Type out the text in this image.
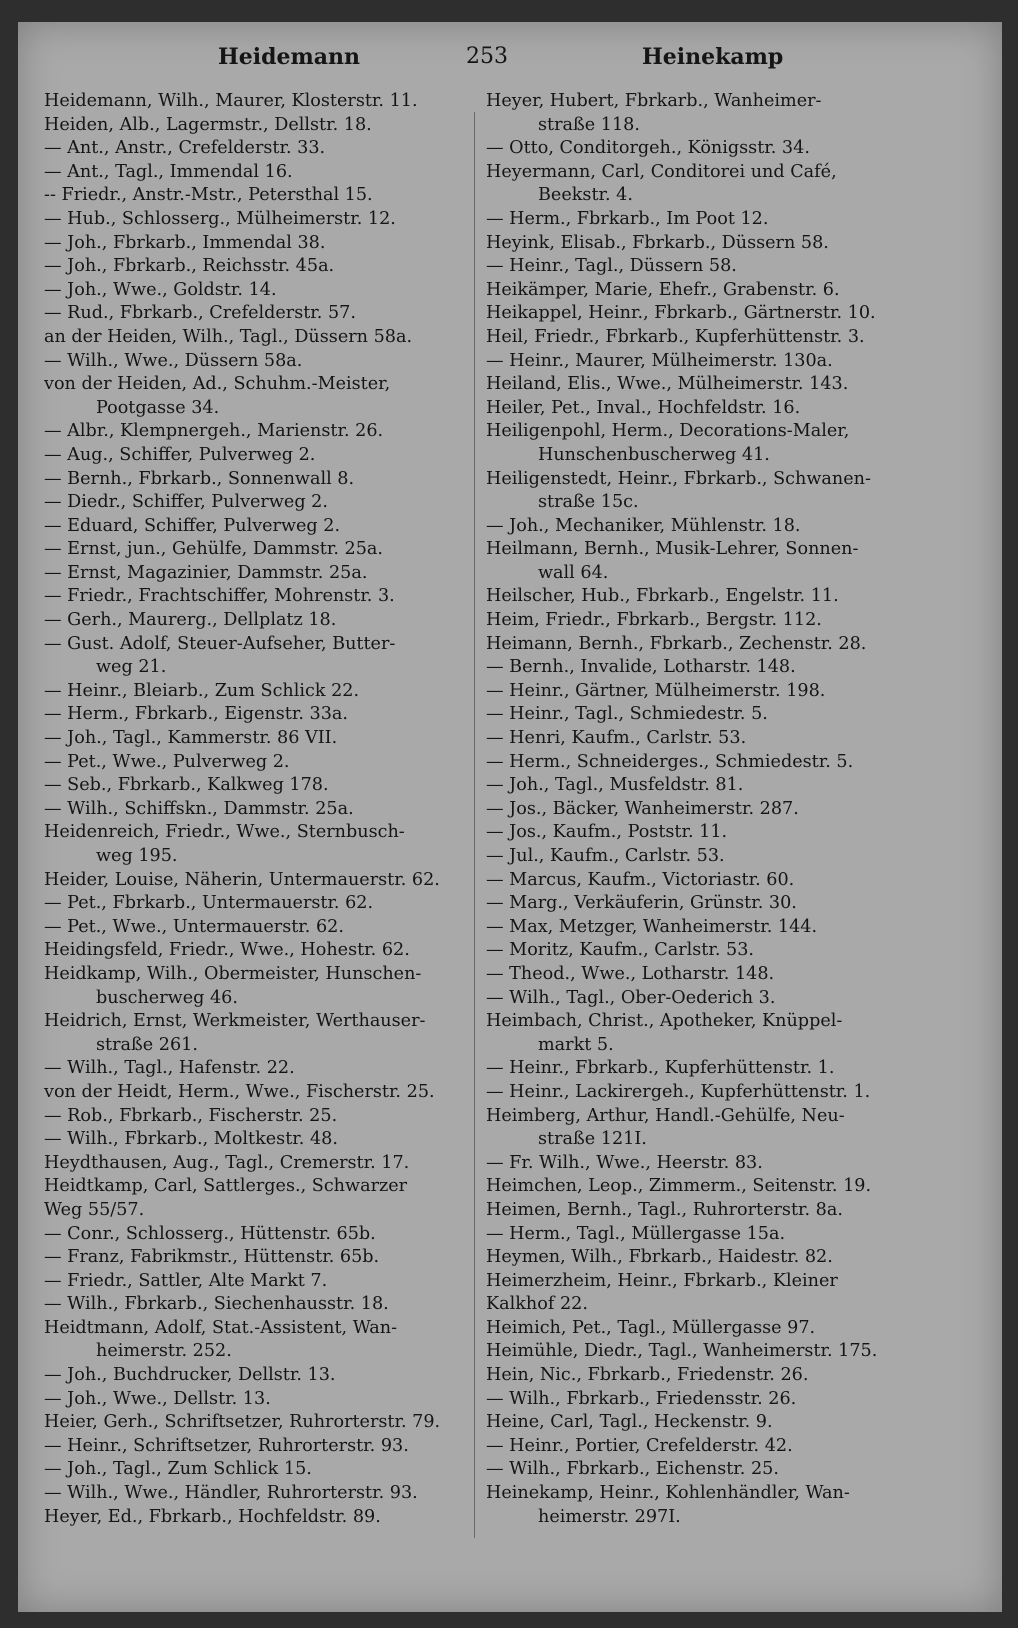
Heidemann	253	Heinekamp
Heidemann, Wilh., Maurer, Klosterstr. 11.
Heiden, Alb., Lagermstr., Dellstr. 18.
— Ant., Anstr., Crefelderstr. 33.
— Ant., Tagl., Immendal 16.
-- Friedr., Anstr.-Mstr., Petersthal 15.
— Hub., Schlosserg., Mülheimerstr. 12.
— Joh., Fbrkarb., Immendal 38.
— Joh., Fbrkarb., Reichsstr. 45a.
— Joh., Wwe., Goldstr. 14.
— Rud., Fbrkarb., Crefelderstr. 57.
an der Heiden, Wilh., Tagl., Düssern 58a.
— Wilh., Wwe., Düssern 58a.
von der Heiden, Ad., Schuhm.-Meister,
Pootgasse 34.
— Albr., Klempnergeh., Marienstr. 26.
— Aug., Schiffer, Pulverweg 2.
— Bernh., Fbrkarb., Sonnenwall 8.
— Diedr., Schiffer, Pulverweg 2.
— Eduard, Schiffer, Pulverweg 2.
— Ernst, jun., Gehülfe, Dammstr. 25a.
— Ernst, Magazinier, Dammstr. 25a.
— Friedr., Frachtschiffer, Mohrenstr. 3.
— Gerh., Maurerg., Dellplatz 18.
— Gust. Adolf, Steuer-Aufseher, Butter-
weg 21.
— Heinr., Bleiarb., Zum Schlick 22.
— Herm., Fbrkarb., Eigenstr. 33a.
— Joh., Tagl., Kammerstr. 86 VII.
— Pet., Wwe., Pulverweg 2.
— Seb., Fbrkarb., Kalkweg 178.
— Wilh., Schiffskn., Dammstr. 25a.
Heidenreich, Friedr., Wwe., Sternbusch-
weg 195.
Heider, Louise, Näherin, Untermauerstr. 62.
— Pet., Fbrkarb., Untermauerstr. 62.
— Pet., Wwe., Untermauerstr. 62.
Heidingsfeld, Friedr., Wwe., Hohestr. 62.
Heidkamp, Wilh., Obermeister, Hunschen-
buscherweg 46.
Heidrich, Ernst, Werkmeister, Werthauser-
straße 261.
— Wilh., Tagl., Hafenstr. 22.
von der Heidt, Herm., Wwe., Fischerstr. 25.
— Rob., Fbrkarb., Fischerstr. 25.
— Wilh., Fbrkarb., Moltkestr. 48.
Heydthausen, Aug., Tagl., Cremerstr. 17.
Heidtkamp, Carl, Sattlerges., Schwarzer
Weg 55/57.
— Conr., Schlosserg., Hüttenstr. 65b.
— Franz, Fabrikmstr., Hüttenstr. 65b.
— Friedr., Sattler, Alte Markt 7.
— Wilh., Fbrkarb., Siechenhausstr. 18.
Heidtmann, Adolf, Stat.-Assistent, Wan-
heimerstr. 252.
— Joh., Buchdrucker, Dellstr. 13.
— Joh., Wwe., Dellstr. 13.
Heier, Gerh., Schriftsetzer, Ruhrorterstr. 79.
— Heinr., Schriftsetzer, Ruhrorterstr. 93.
— Joh., Tagl., Zum Schlick 15.
— Wilh., Wwe., Händler, Ruhrorterstr. 93.
Heyer, Ed., Fbrkarb., Hochfeldstr. 89.
Heyer, Hubert, Fbrkarb., Wanheimer-
straße 118.
— Otto, Conditorgeh., Königsstr. 34.
Heyermann, Carl, Conditorei und Café,
Beekstr. 4.
— Herm., Fbrkarb., Im Poot 12.
Heyink, Elisab., Fbrkarb., Düssern 58.
— Heinr., Tagl., Düssern 58.
Heikämper, Marie, Ehefr., Grabenstr. 6.
Heikappel, Heinr., Fbrkarb., Gärtnerstr. 10.
Heil, Friedr., Fbrkarb., Kupferhüttenstr. 3.
— Heinr., Maurer, Mülheimerstr. 130a.
Heiland, Elis., Wwe., Mülheimerstr. 143.
Heiler, Pet., Inval., Hochfeldstr. 16.
Heiligenpohl, Herm., Decorations-Maler,
Hunschenbuscherweg 41.
Heiligenstedt, Heinr., Fbrkarb., Schwanen-
straße 15c.
— Joh., Mechaniker, Mühlenstr. 18.
Heilmann, Bernh., Musik-Lehrer, Sonnen-
wall 64.
Heilscher, Hub., Fbrkarb., Engelstr. 11.
Heim, Friedr., Fbrkarb., Bergstr. 112.
Heimann, Bernh., Fbrkarb., Zechenstr. 28.
— Bernh., Invalide, Lotharstr. 148.
— Heinr., Gärtner, Mülheimerstr. 198.
— Heinr., Tagl., Schmiedestr. 5.
— Henri, Kaufm., Carlstr. 53.
— Herm., Schneiderges., Schmiedestr. 5.
— Joh., Tagl., Musfeldstr. 81.
— Jos., Bäcker, Wanheimerstr. 287.
— Jos., Kaufm., Poststr. 11.
— Jul., Kaufm., Carlstr. 53.
— Marcus, Kaufm., Victoriastr. 60.
— Marg., Verkäuferin, Grünstr. 30.
— Max, Metzger, Wanheimerstr. 144.
— Moritz, Kaufm., Carlstr. 53.
— Theod., Wwe., Lotharstr. 148.
— Wilh., Tagl., Ober-Oederich 3.
Heimbach, Christ., Apotheker, Knüppel-
markt 5.
— Heinr., Fbrkarb., Kupferhüttenstr. 1.
— Heinr., Lackirergeh., Kupferhüttenstr. 1.
Heimberg, Arthur, Handl.-Gehülfe, Neu-
straße 121I.
— Fr. Wilh., Wwe., Heerstr. 83.
Heimchen, Leop., Zimmerm., Seitenstr. 19.
Heimen, Bernh., Tagl., Ruhrorterstr. 8a.
— Herm., Tagl., Müllergasse 15a.
Heymen, Wilh., Fbrkarb., Haidestr. 82.
Heimerzheim, Heinr., Fbrkarb., Kleiner
Kalkhof 22.
Heimich, Pet., Tagl., Müllergasse 97.
Heimühle, Diedr., Tagl., Wanheimerstr. 175.
Hein, Nic., Fbrkarb., Friedenstr. 26.
— Wilh., Fbrkarb., Friedensstr. 26.
Heine, Carl, Tagl., Heckenstr. 9.
— Heinr., Portier, Crefelderstr. 42.
— Wilh., Fbrkarb., Eichenstr. 25.
Heinekamp, Heinr., Kohlenhändler, Wan-
heimerstr. 297I.
